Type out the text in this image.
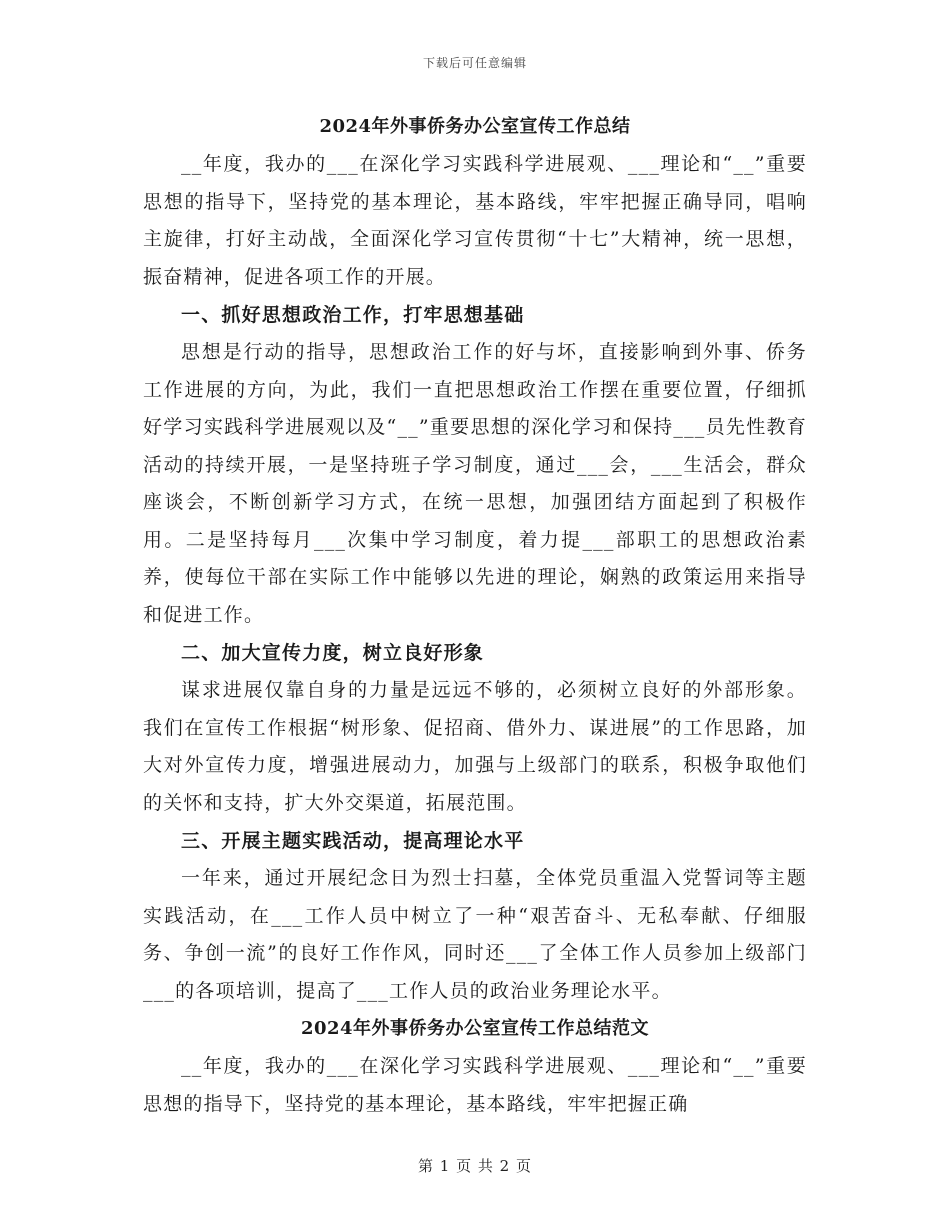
下载后可任意编辑
2024年外事侨务办公室宣传工作总结

__年度，我办的___在深化学习实践科学进展观、___理论和“__”重要思想的指导下，坚持党的基本理论，基本路线，牢牢把握正确导同，唱响主旋律，打好主动战，全面深化学习宣传贯彻“十七”大精神，统一思想，振奋精神，促进各项工作的开展。

一、抓好思想政治工作，打牢思想基础

思想是行动的指导，思想政治工作的好与坏，直接影响到外事、侨务工作进展的方向，为此，我们一直把思想政治工作摆在重要位置，仔细抓好学习实践科学进展观以及“__”重要思想的深化学习和保持___员先性教育活动的持续开展，一是坚持班子学习制度，通过___会，___生活会，群众座谈会，不断创新学习方式，在统一思想，加强团结方面起到了积极作用。二是坚持每月___次集中学习制度，着力提___部职工的思想政治素养，使每位干部在实际工作中能够以先进的理论，娴熟的政策运用来指导和促进工作。

二、加大宣传力度，树立良好形象

谋求进展仅靠自身的力量是远远不够的，必须树立良好的外部形象。我们在宣传工作根据“树形象、促招商、借外力、谋进展”的工作思路，加大对外宣传力度，增强进展动力，加强与上级部门的联系，积极争取他们的关怀和支持，扩大外交渠道，拓展范围。

三、开展主题实践活动，提高理论水平

一年来，通过开展纪念日为烈士扫墓，全体党员重温入党誓词等主题实践活动，在___工作人员中树立了一种“艰苦奋斗、无私奉献、仔细服务、争创一流”的良好工作作风，同时还___了全体工作人员参加上级部门___的各项培训，提高了___工作人员的政治业务理论水平。

2024年外事侨务办公室宣传工作总结范文

__年度，我办的___在深化学习实践科学进展观、___理论和“__”重要思想的指导下，坚持党的基本理论，基本路线，牢牢把握正确

第 1 页 共 2 页
